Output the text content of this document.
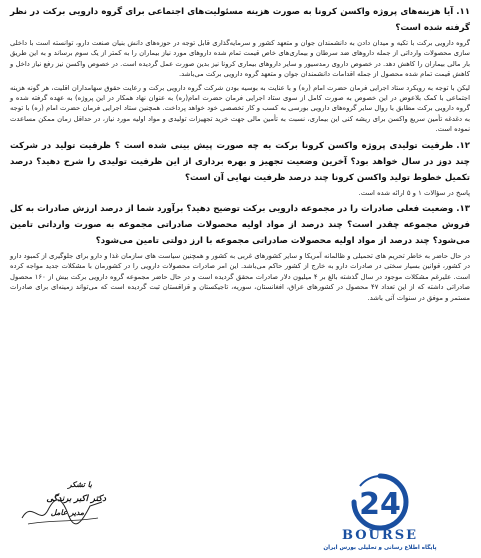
۱۱.آیا هزینه‌های پروژه واکسن کرونا به صورت هزینه مسئولیت‌های اجتماعی برای گروه دارویی برکت در نظر گرفته شده است؟

گروه دارویی برکت با تکیه و میدان دادن به دانشمندان جوان و متعهد کشور و سرمایه‌گذاری قابل توجه در حوزه‌های دانش بنیان صنعت دارو، توانسته است با داخلی سازی محصولات وارداتی از جمله داروهای ضد سرطان و بیماری‌های خاص قیمت تمام شده داروهای مورد نیاز بیماران را به کمتر از یک سوم برساند و به این طریق بار مالی بیماران را کاهش دهد. در خصوص داروی رمدسیور و سایر داروهای بیماری کرونا نیز بدین صورت عمل گردیده است. در خصوص واکسن نیز رفع نیاز داخل و کاهش قیمت تمام شده محصول از جمله اقدامات دانشمندان جوان و متعهد گروه دارویی برکت می‌باشد.

لیکن با توجه به رویکرد ستاد اجرایی فرمان حضرت امام (ره) و با عنایت به بوسیه بودن شرکت گروه دارویی برکت و رعایت حقوق سهامداران اقلیت، هر گونه هزینه اجتماعی با کمک بلاعوض در این خصوص به صورت کامل از سوی ستاد اجرایی فرمان حضرت امام(ره) به عنوان نهاد همکار در این پروژه) به عهده گرفته شده و گروه دارویی برکت مطابق با روال سایر گروه‌های دارویی بورسی به کسب و کار تخصصی خود خواهد پرداخت. همچنین ستاد اجرایی فرمان حضرت امام (ره) با توجه به دغدغه تأمین سریع واکسن برای ریشه کنی این بیماری، نسبت به تأمین مالی جهت خرید تجهیزات تولیدی و مواد اولیه مورد نیاز، در حداقل زمان ممکن مساعدت نموده است.

۱۲.ظرفیت تولیدی پروژه واکسن کرونا برکت به چه صورت پیش بینی شده است ؟ ظرفیت تولید در شرکت چند دوز در سال خواهد بود؟ آخرین وضعیت تجهیز و بهره برداری از این ظرفیت تولیدی را شرح دهید؟ درصد تکمیل خطوط تولید واکسن کرونا چند درصد ظرفیت نهایی آن است؟

پاسخ در سؤالات ۱ و ۵ ارائه شده است.

۱۳.وضعیت فعلی صادرات را در مجموعه دارویی برکت توضیح دهید؟ برآورد شما از درصد ارزش صادرات به کل فروش مجموعه چقدر است؟ چند درصد از مواد اولیه محصولات صادراتی مجموعه به صورت وارداتی تامین می‌شود؟ چند درصد از مواد اولیه محصولات صادراتی مجموعه با ارز دولتی تامین می‌شود؟

در حال حاضر به خاطر تحریم های تحمیلی و ظالمانه آمریکا و سایر کشورهای غربی به کشور و همچنین سیاست های سازمان غذا و دارو برای جلوگیری از کمبود دارو در کشور، قوانین بسیار سختی در صادرات دارو به خارج از کشور حاکم می‌باشد. این امر صادرات محصولات دارویی را در کشورمان با مشکلات جدید مواجه کرده است. علیرغم مشکلات موجود در سال گذشته بالغ بر ۴ میلیون دلار صادرات محقق گردیده است و در حال حاضر مجموعه گروه دارویی برکت بیش از ۱۶۰ محصول صادراتی داشته که از این تعداد ۴۷ محصول در کشورهای عراق، افغانستان، سوریه، تاجیکستان و قزاقستان ثبت گردیده است که می‌تواند زمینه‌ای برای صادرات مستمر و موفق در سنوات آتی باشد.

با تشکر
دکتر اکبر برندگی
مدیر عامل	24
BOURSE
پایگاه اطلاع رسانی و تحلیلی بورس ایران
